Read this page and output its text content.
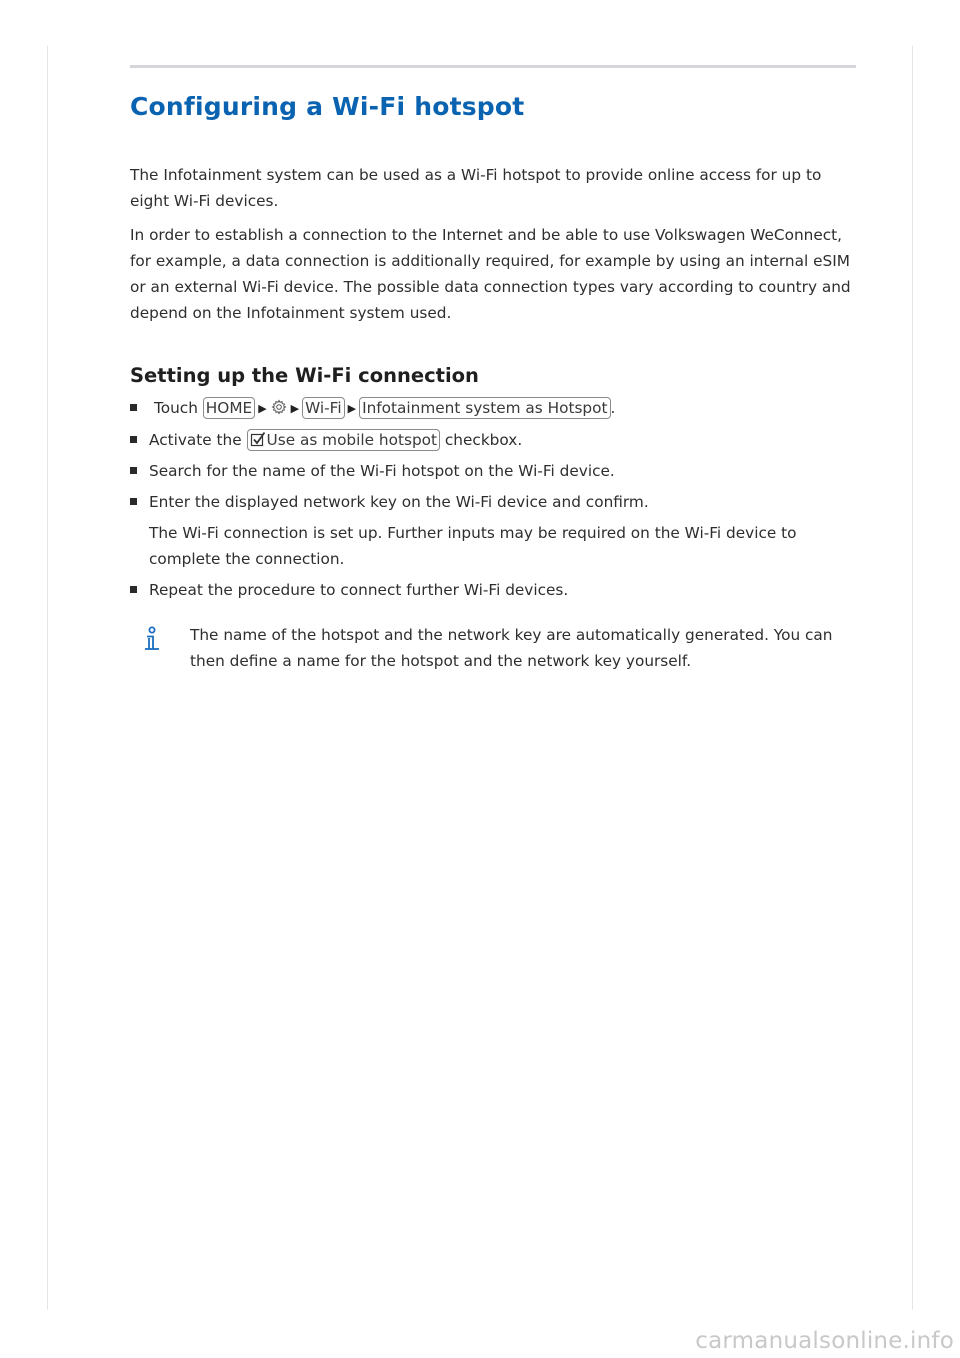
Configuring a Wi-Fi hotspot

The Infotainment system can be used as a Wi-Fi hotspot to provide online access for up to eight Wi-Fi devices.

In order to establish a connection to the Internet and be able to use Volkswagen WeConnect, for example, a data connection is additionally required, for example by using an internal eSIM or an external Wi-Fi device. The possible data connection types vary according to country and depend on the Infotainment system used.

Setting up the Wi-Fi connection
Touch HOME ▶ ▶ Wi-Fi ▶ Infotainment system as Hotspot .
Activate the Use as mobile hotspot checkbox.
Search for the name of the Wi-Fi hotspot on the Wi-Fi device.
Enter the displayed network key on the Wi-Fi device and confirm.
The Wi-Fi connection is set up. Further inputs may be required on the Wi-Fi device to complete the connection.
Repeat the procedure to connect further Wi-Fi devices.

The name of the hotspot and the network key are automatically generated. You can then define a name for the hotspot and the network key yourself.

carmanualsonline.info
